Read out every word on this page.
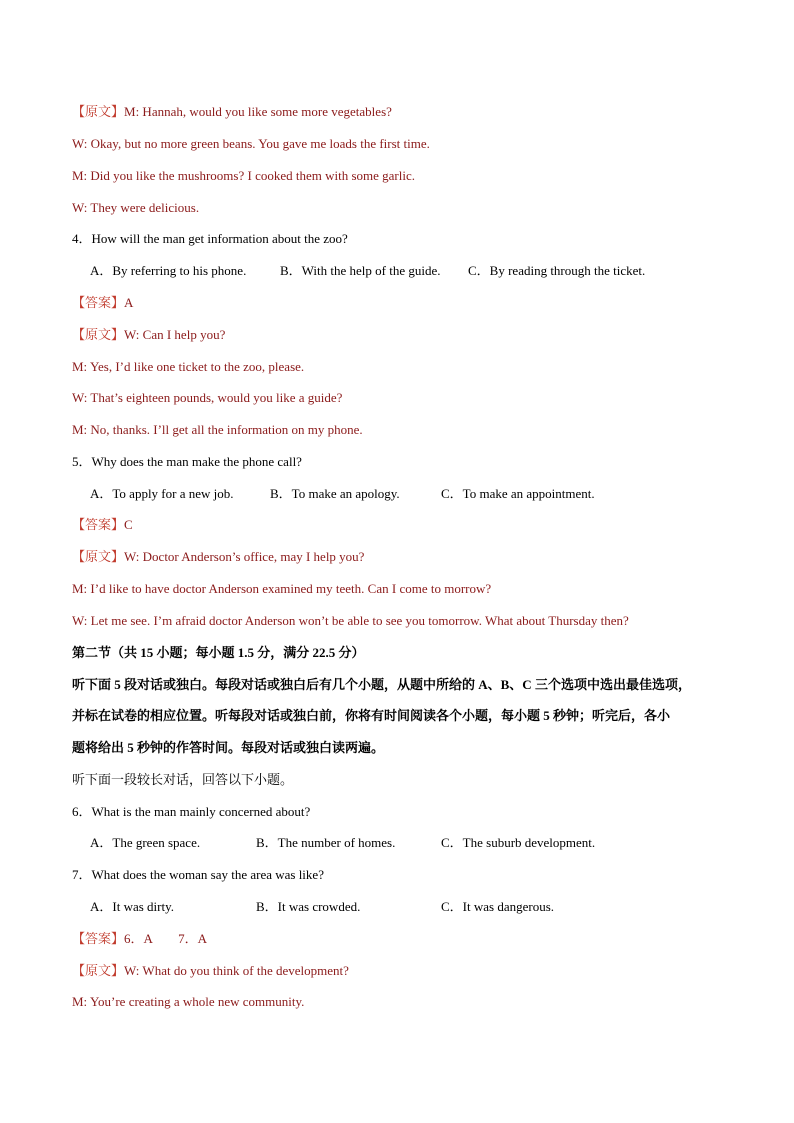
【原文】M: Hannah, would you like some more vegetables?
W: Okay, but no more green beans. You gave me loads the first time.
M: Did you like the mushrooms? I cooked them with some garlic.
W: They were delicious.
4．How will the man get information about the zoo?
A．By referring to his phone.	B．With the help of the guide. C．By reading through the ticket.
【答案】A
【原文】W: Can I help you?
M: Yes, I’d like one ticket to the zoo, please.
W: That’s eighteen pounds, would you like a guide?
M: No, thanks. I’ll get all the information on my phone.
5．Why does the man make the phone call?
A．To apply for a new job.	B．To make an apology.	C．To make an appointment.
【答案】C
【原文】W: Doctor Anderson’s office, may I help you?
M: I’d like to have doctor Anderson examined my teeth. Can I come to morrow?
W: Let me see. I’m afraid doctor Anderson won’t be able to see you tomorrow. What about Thursday then?
第二节（共 15 小题；每小题 1.5 分，满分 22.5 分）
听下面 5 段对话或独白。每段对话或独白后有几个小题，从题中所给的 A、B、C 三个选项中选出最佳选项，
并标在试卷的相应位置。听每段对话或独白前，你将有时间阅读各个小题，每小题 5 秒钟；听完后，各小
题将给出 5 秒钟的作答时间。每段对话或独白读两遍。
听下面一段较长对话，回答以下小题。
6．What is the man mainly concerned about?
A．The green space.	B．The number of homes.	C．The suburb development.
7．What does the woman say the area was like?
A．It was dirty.	B．It was crowded.	C．It was dangerous.
【答案】6．A　　7．A
【原文】W: What do you think of the development?
M: You’re creating a whole new community.
